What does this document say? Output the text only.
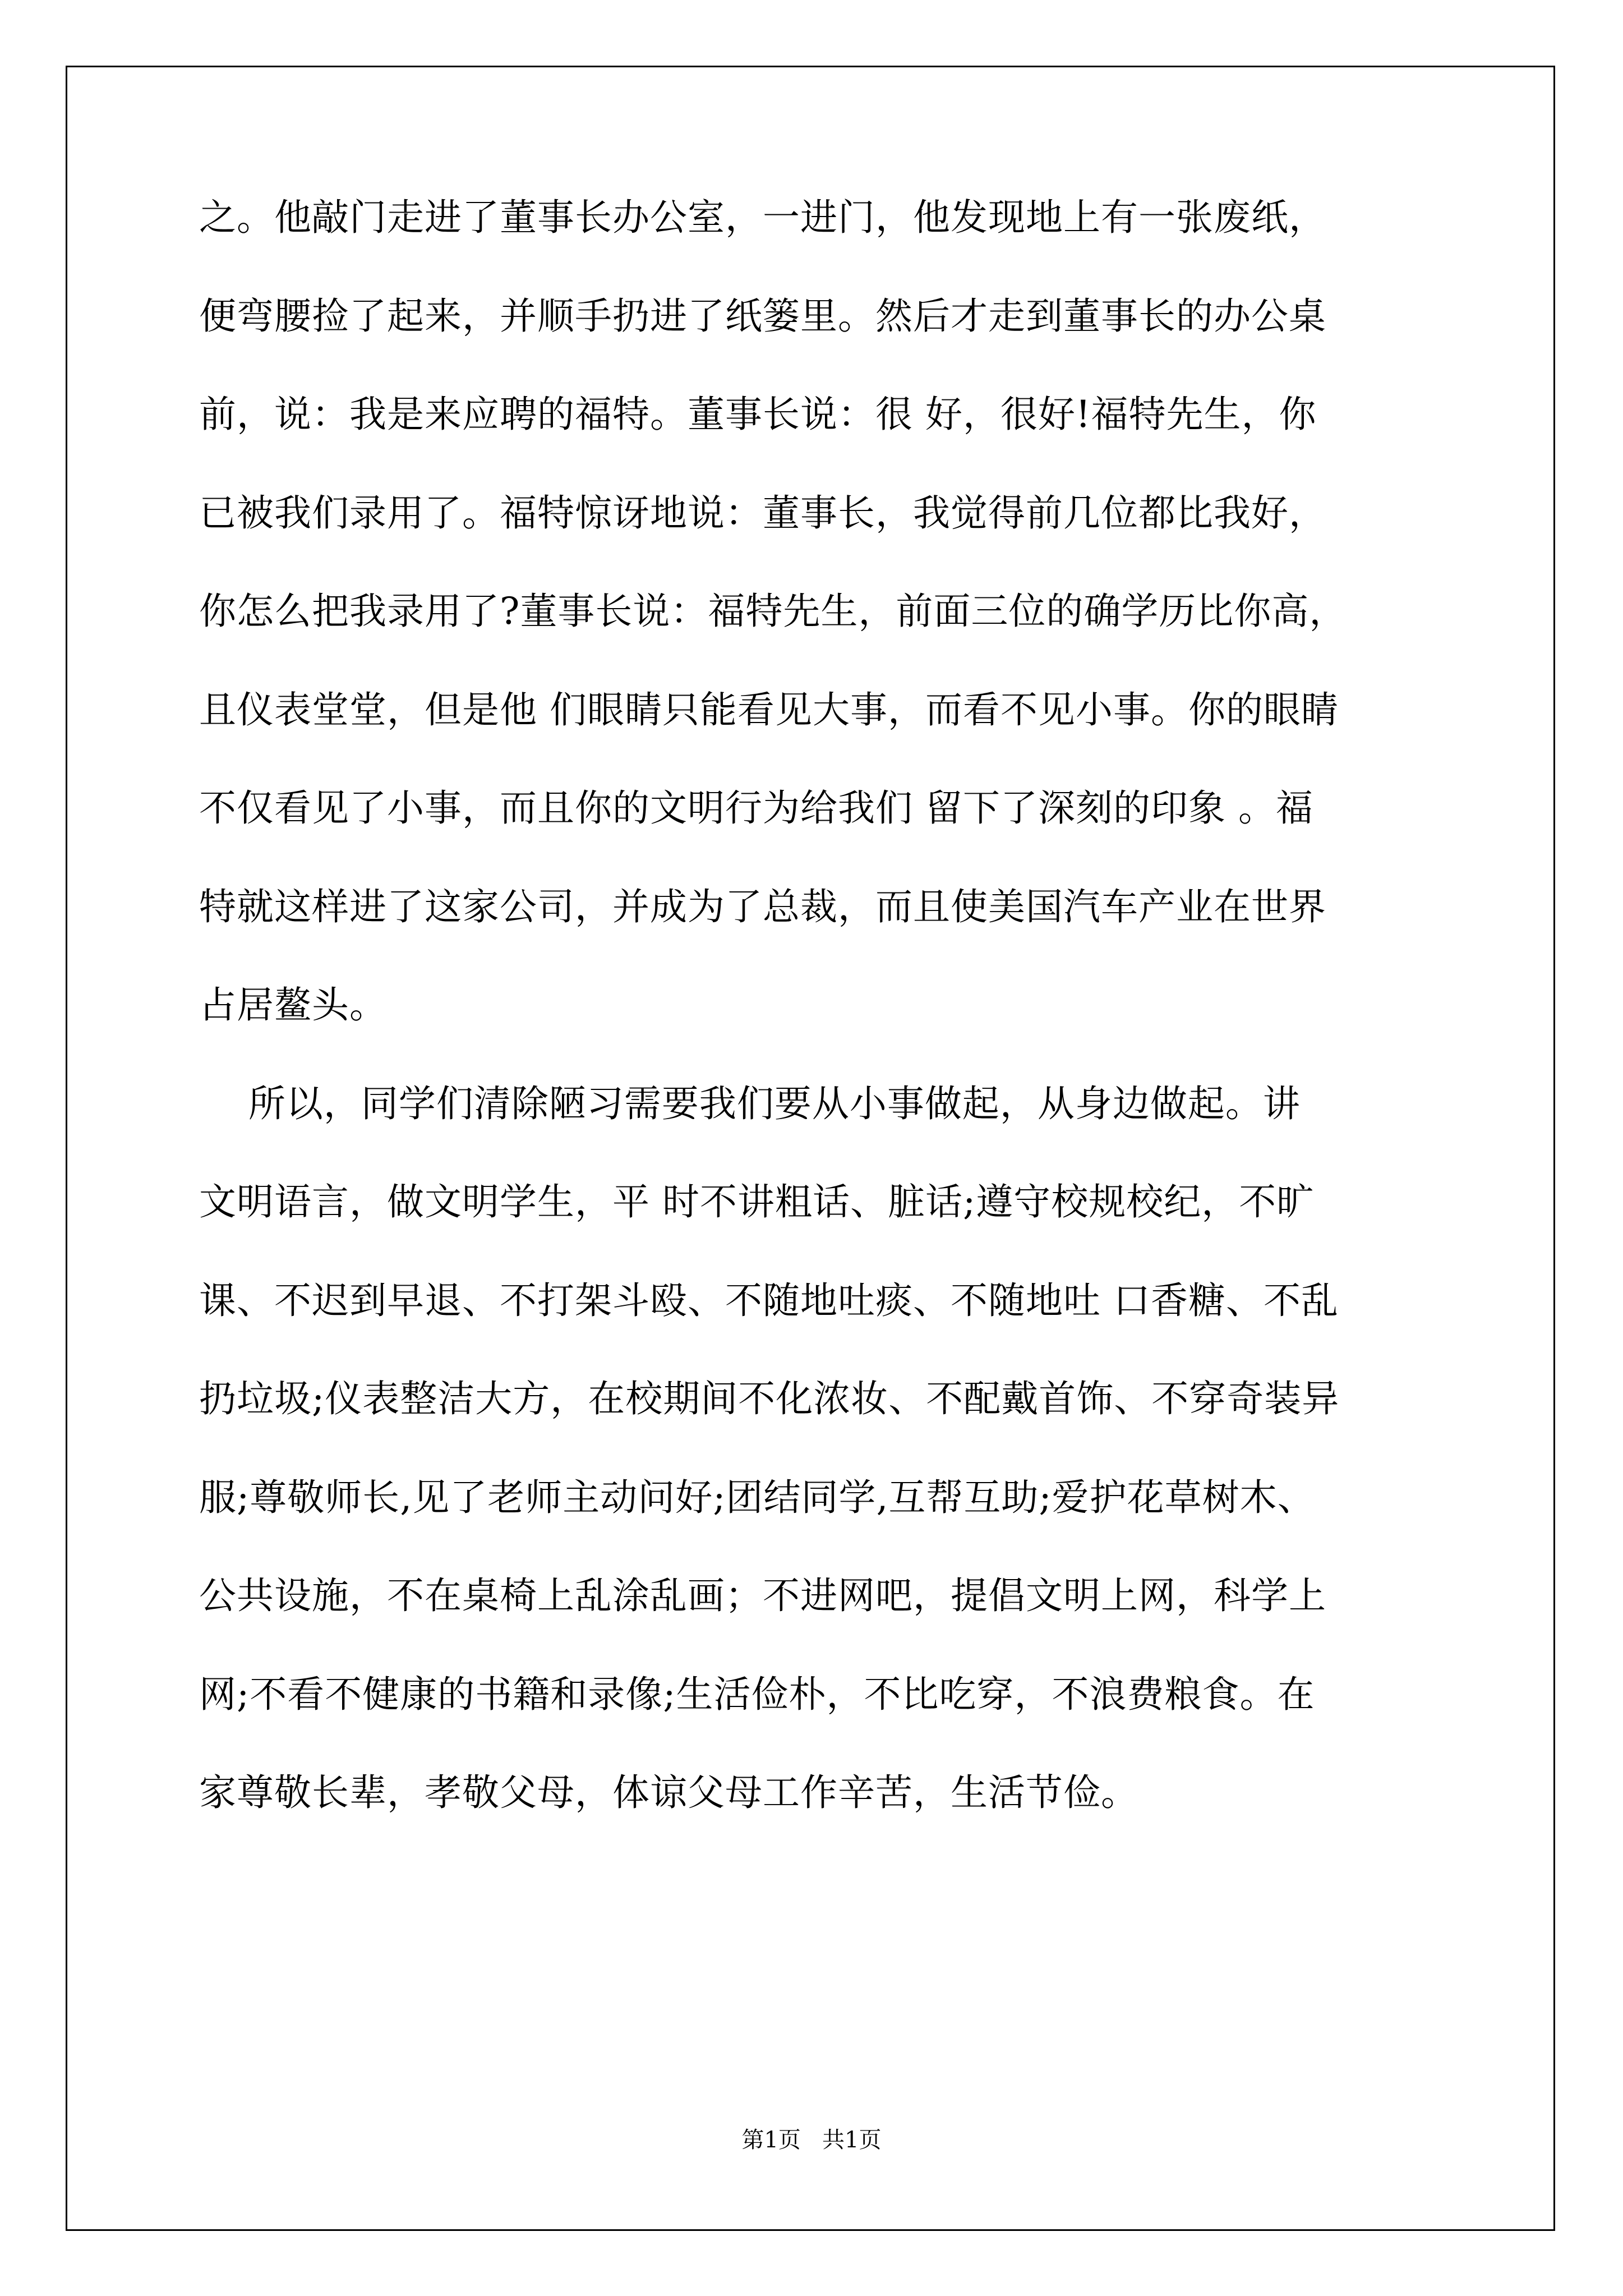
之。他敲门走进了董事长办公室，一进门，他发现地上有一张废纸，
便弯腰捡了起来，并顺手扔进了纸篓里。然后才走到董事长的办公桌
前，说：我是来应聘的福特。董事长说：很 好，很好!福特先生，你
已被我们录用了。福特惊讶地说：董事长，我觉得前几位都比我好，
你怎么把我录用了?董事长说：福特先生，前面三位的确学历比你高，
且仪表堂堂，但是他 们眼睛只能看见大事，而看不见小事。你的眼睛
不仅看见了小事，而且你的文明行为给我们 留下了深刻的印象 。福
特就这样进了这家公司，并成为了总裁，而且使美国汽车产业在世界
占居鳌头。
所以，同学们清除陋习需要我们要从小事做起，从身边做起。讲
文明语言，做文明学生，平 时不讲粗话、脏话;遵守校规校纪，不旷
课、不迟到早退、不打架斗殴、不随地吐痰、不随地吐 口香糖、不乱
扔垃圾;仪表整洁大方，在校期间不化浓妆、不配戴首饰、不穿奇装异
服;尊敬师长,见了老师主动问好;团结同学,互帮互助;爱护花草树木、
公共设施，不在桌椅上乱涂乱画；不进网吧，提倡文明上网，科学上
网;不看不健康的书籍和录像;生活俭朴，不比吃穿，不浪费粮食。在
家尊敬长辈，孝敬父母，体谅父母工作辛苦，生活节俭。
第1页   共1页
